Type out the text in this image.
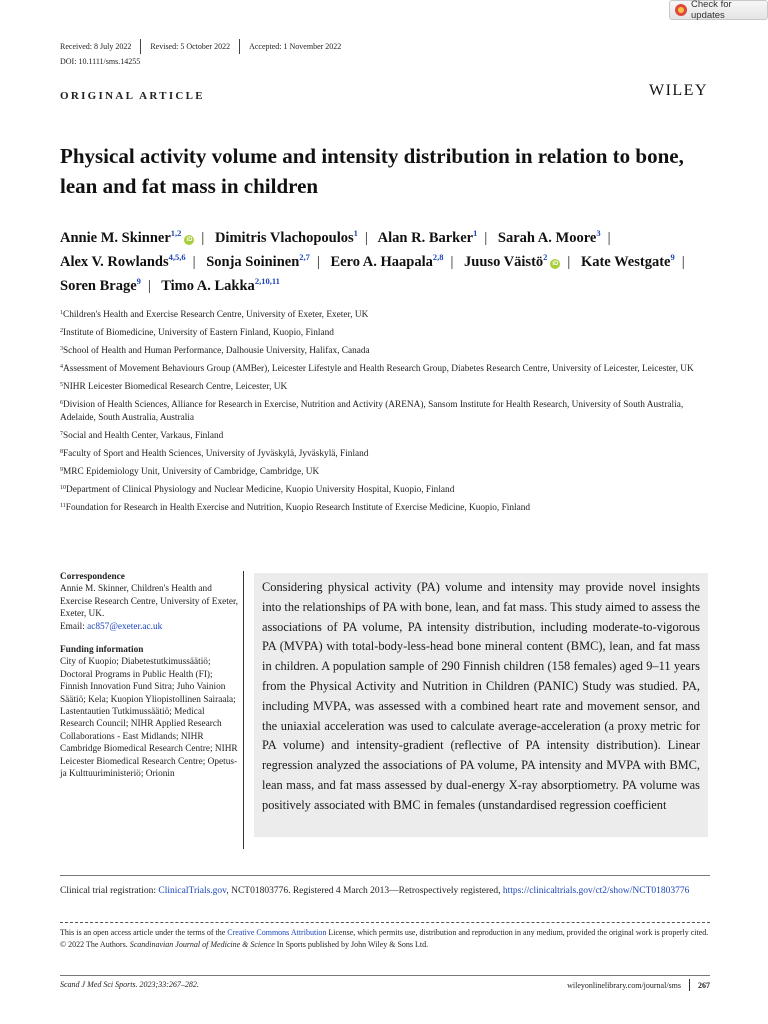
Check for updates
Received: 8 July 2022	Revised: 5 October 2022	Accepted: 1 November 2022
DOI: 10.1111/sms.14255
ORIGINAL ARTICLE	WILEY
Physical activity volume and intensity distribution in relation to bone, lean and fat mass in children
Annie M. Skinner$^{1,2}$iD | Dimitris Vlachopoulos$^1$ | Alan R. Barker$^1$ | Sarah A. Moore$^3$ | Alex V. Rowlands$^{4,5,6}$ | Sonja Soininen$^{2,7}$ | Eero A. Haapala$^{2,8}$ | Juuso Väistö$^2$iD | Kate Westgate$^9$ | Soren Brage$^9$ | Timo A. Lakka$^{2,10,11}$
$^1$Children's Health and Exercise Research Centre, University of Exeter, Exeter, UK
$^2$Institute of Biomedicine, University of Eastern Finland, Kuopio, Finland
$^3$School of Health and Human Performance, Dalhousie University, Halifax, Canada
$^4$Assessment of Movement Behaviours Group (AMBer), Leicester Lifestyle and Health Research Group, Diabetes Research Centre, University of Leicester, Leicester, UK
$^5$NIHR Leicester Biomedical Research Centre, Leicester, UK
$^6$Division of Health Sciences, Alliance for Research in Exercise, Nutrition and Activity (ARENA), Sansom Institute for Health Research, University of South Australia, Adelaide, South Australia, Australia
$^7$Social and Health Center, Varkaus, Finland
$^8$Faculty of Sport and Health Sciences, University of Jyväskylä, Jyväskylä, Finland
$^9$MRC Epidemiology Unit, University of Cambridge, Cambridge, UK
$^{10}$Department of Clinical Physiology and Nuclear Medicine, Kuopio University Hospital, Kuopio, Finland
$^{11}$Foundation for Research in Health Exercise and Nutrition, Kuopio Research Institute of Exercise Medicine, Kuopio, Finland
Correspondence
Annie M. Skinner, Children's Health and Exercise Research Centre, University of Exeter, Exeter, UK.
Email: ac857@exeter.ac.uk
Funding information
City of Kuopio; Diabetestutkimussäätiö; Doctoral Programs in Public Health (FI); Finnish Innovation Fund Sitra; Juho Vainion Säätiö; Kela; Kuopion Yliopistollinen Sairaala; Lastentautien Tutkimussäätiö; Medical Research Council; NIHR Applied Research Collaborations - East Midlands; NIHR Cambridge Biomedical Research Centre; NIHR Leicester Biomedical Research Centre; Opetus- ja Kulttuuriministeriö; Orionin
Considering physical activity (PA) volume and intensity may provide novel insights into the relationships of PA with bone, lean, and fat mass. This study aimed to assess the associations of PA volume, PA intensity distribution, including moderate-to-vigorous PA (MVPA) with total-body-less-head bone mineral content (BMC), lean, and fat mass in children. A population sample of 290 Finnish children (158 females) aged 9–11 years from the Physical Activity and Nutrition in Children (PANIC) Study was studied. PA, including MVPA, was assessed with a combined heart rate and movement sensor, and the uniaxial acceleration was used to calculate average-acceleration (a proxy metric for PA volume) and intensity-gradient (reflective of PA intensity distribution). Linear regression analyzed the associations of PA volume, PA intensity and MVPA with BMC, lean mass, and fat mass assessed by dual-energy X-ray absorptiometry. PA volume was positively associated with BMC in females (unstandardised regression coefficient
Clinical trial registration: ClinicalTrials.gov, NCT01803776. Registered 4 March 2013—Retrospectively registered, https://clinicaltrials.gov/ct2/show/NCT01803776
This is an open access article under the terms of the Creative Commons Attribution License, which permits use, distribution and reproduction in any medium, provided the original work is properly cited.
© 2022 The Authors. Scandinavian Journal of Medicine & Science In Sports published by John Wiley & Sons Ltd.
Scand J Med Sci Sports. 2023;33:267–282.	wileyonlinelibrary.com/journal/sms 267
